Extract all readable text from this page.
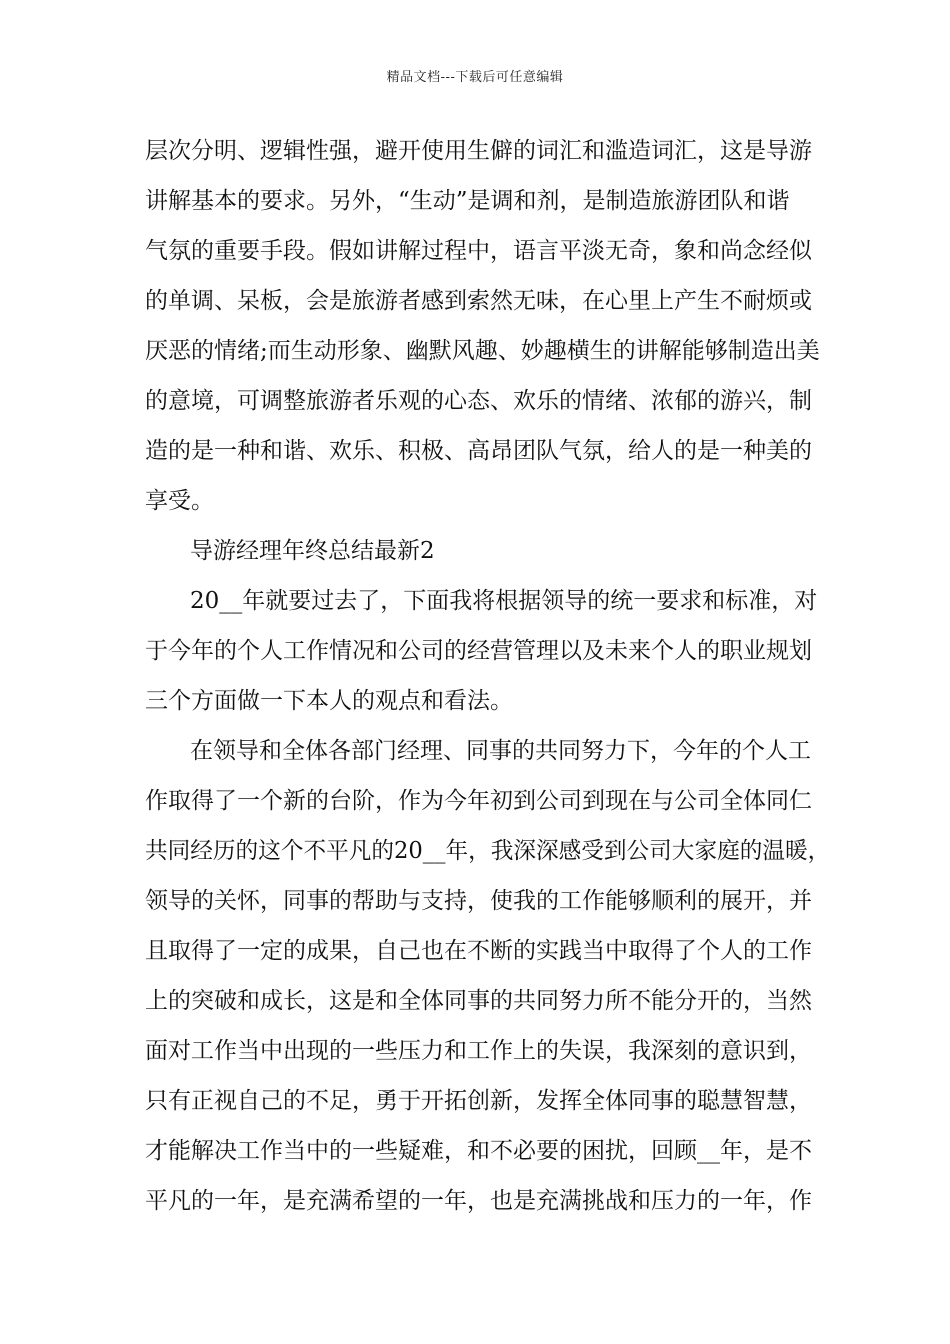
精品文档---下载后可任意编辑
层次分明、逻辑性强，避开使用生僻的词汇和滥造词汇，这是导游
讲解基本的要求。另外，“生动”是调和剂，是制造旅游团队和谐
气氛的重要手段。假如讲解过程中，语言平淡无奇，象和尚念经似
的单调、呆板，会是旅游者感到索然无味，在心里上产生不耐烦或
厌恶的情绪;而生动形象、幽默风趣、妙趣横生的讲解能够制造出美
的意境，可调整旅游者乐观的心态、欢乐的情绪、浓郁的游兴，制
造的是一种和谐、欢乐、积极、高昂团队气氛，给人的是一种美的
享受。
导游经理年终总结最新2
20__年就要过去了，下面我将根据领导的统一要求和标准，对
于今年的个人工作情况和公司的经营管理以及未来个人的职业规划
三个方面做一下本人的观点和看法。
在领导和全体各部门经理、同事的共同努力下，今年的个人工
作取得了一个新的台阶，作为今年初到公司到现在与公司全体同仁
共同经历的这个不平凡的20__年，我深深感受到公司大家庭的温暖，
领导的关怀，同事的帮助与支持，使我的工作能够顺利的展开，并
且取得了一定的成果，自己也在不断的实践当中取得了个人的工作
上的突破和成长，这是和全体同事的共同努力所不能分开的，当然
面对工作当中出现的一些压力和工作上的失误，我深刻的意识到，
只有正视自己的不足，勇于开拓创新，发挥全体同事的聪慧智慧，
才能解决工作当中的一些疑难，和不必要的困扰，回顾__年，是不
平凡的一年，是充满希望的一年，也是充满挑战和压力的一年，作
